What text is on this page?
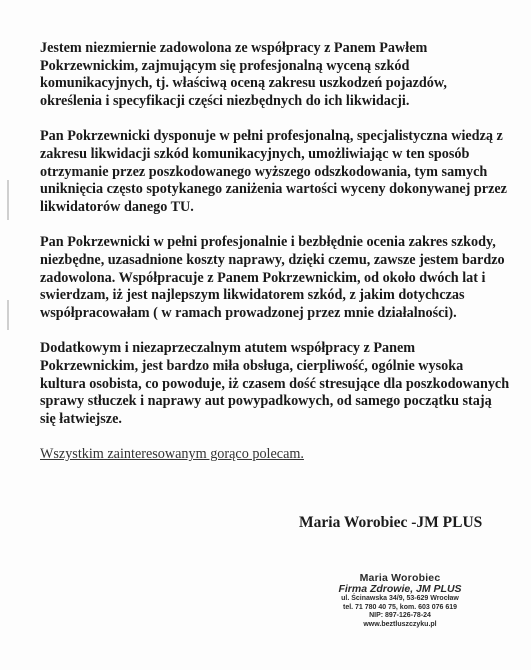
Jestem niezmiernie zadowolona ze współpracy z Panem Pawłem Pokrzewnickim, zajmującym się profesjonalną wyceną szkód komunikacyjnych, tj. właściwą oceną zakresu uszkodzeń pojazdów, określenia i specyfikacji części niezbędnych do ich likwidacji.

Pan Pokrzewnicki dysponuje w pełni profesjonalną, specjalistyczna wiedzą z zakresu likwidacji szkód komunikacyjnych, umożliwiając w ten sposób otrzymanie przez poszkodowanego wyższego odszkodowania, tym samych uniknięcia często spotykanego zaniżenia wartości wyceny dokonywanej przez likwidatorów danego TU.

Pan Pokrzewnicki w pełni profesjonalnie i bezbłędnie ocenia zakres szkody, niezbędne, uzasadnione koszty naprawy, dzięki czemu, zawsze jestem bardzo zadowolona. Współpracuje z Panem Pokrzewnickim, od około dwóch lat i swierdzam, iż jest najlepszym likwidatorem szkód, z jakim dotychczas współpracowałam ( w ramach prowadzonej przez mnie działalności).

Dodatkowym i niezaprzeczalnym atutem współpracy z Panem Pokrzewnickim, jest bardzo miła obsługa, cierpliwość, ogólnie wysoka kultura osobista, co powoduje, iż czasem dość stresujące dla poszkodowanych sprawy stłuczek i naprawy aut powypadkowych, od samego początku stają się łatwiejsze.

Wszystkim zainteresowanym gorąco polecam.

Maria Worobiec -JM PLUS
Maria Worobiec
Firma Zdrowie, JM PLUS
ul. Ścinawska 34/9, 53-629 Wrocław
tel. 71 780 40 75, kom. 603 076 619
NIP: 897-126-78-24
www.beztluszczyku.pl
